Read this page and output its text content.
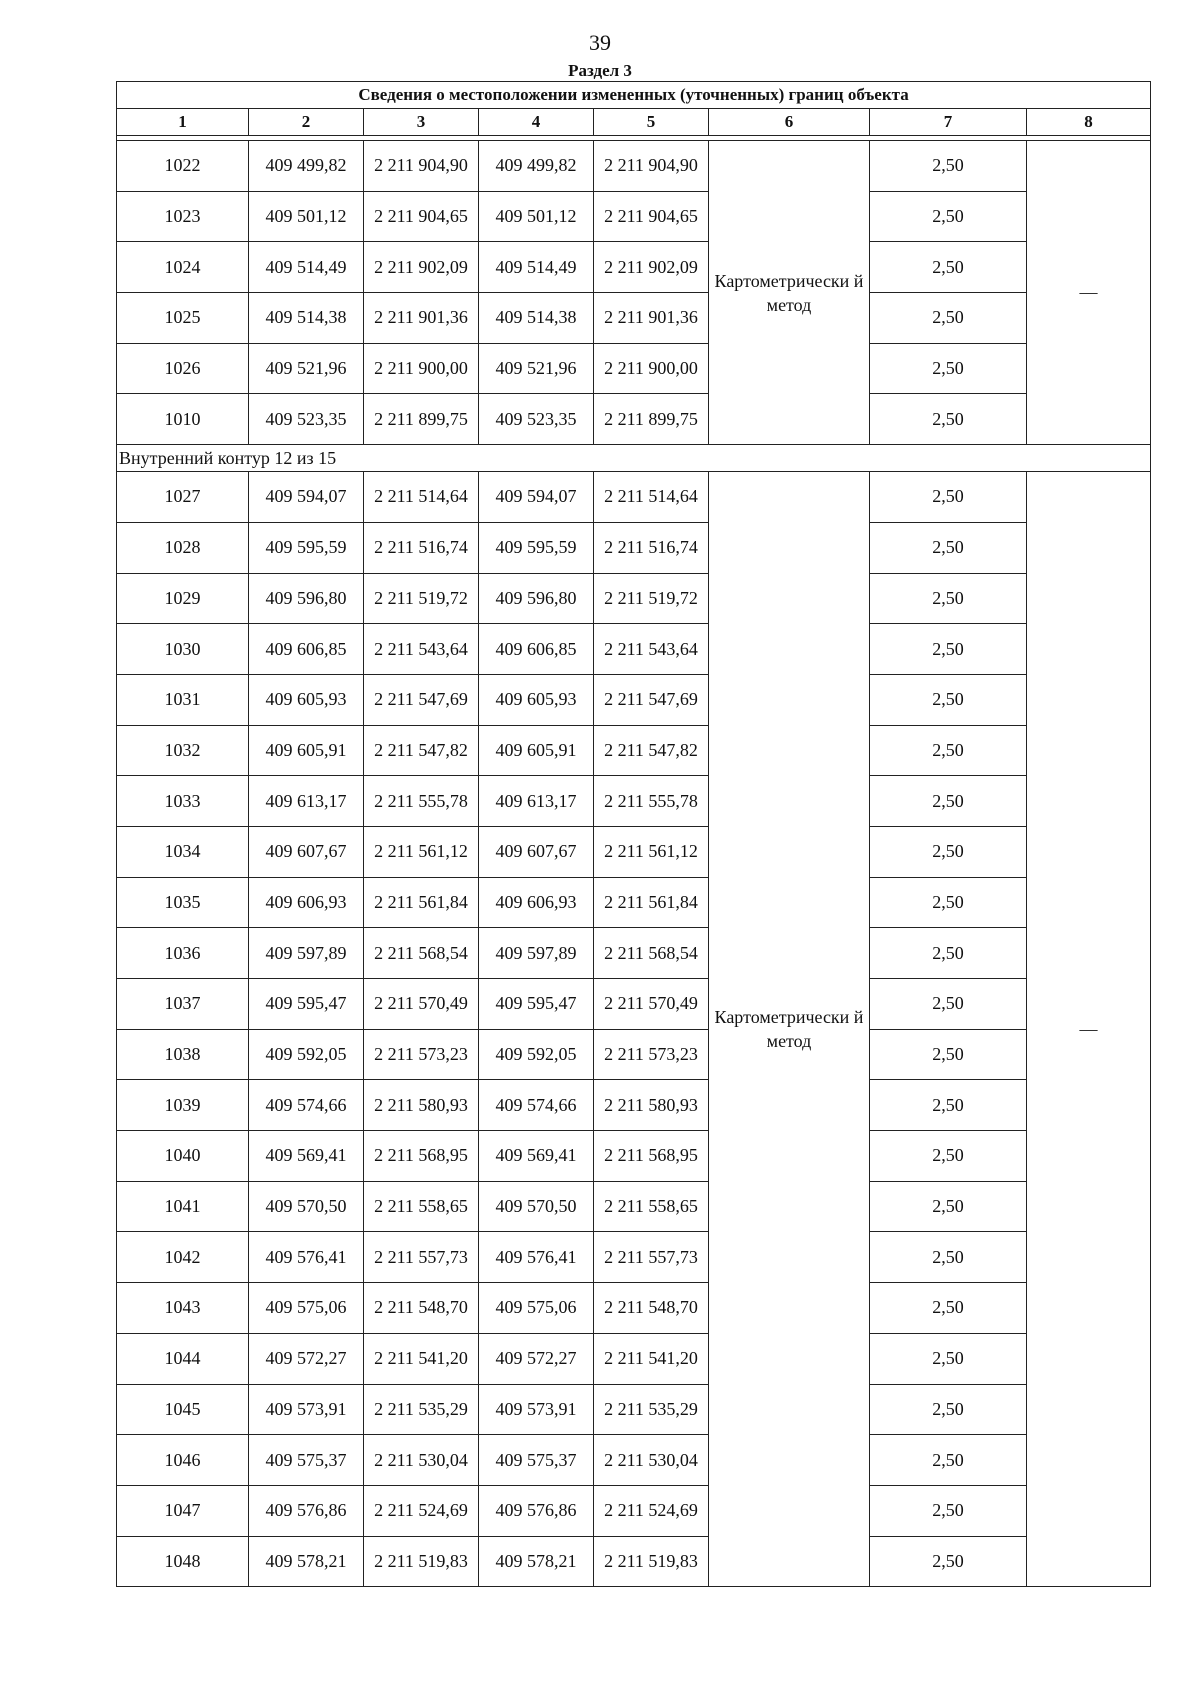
39
Раздел 3
Сведения о местоположении измененных (уточненных) границ объекта							
1	2	3	4	5	6	7	8

1022	409 499,82	2 211 904,90	409 499,82	2 211 904,90	Картометрически й метод	2,50	—
1023	409 501,12	2 211 904,65	409 501,12	2 211 904,65		2,50	
1024	409 514,49	2 211 902,09	409 514,49	2 211 902,09		2,50	
1025	409 514,38	2 211 901,36	409 514,38	2 211 901,36		2,50	
1026	409 521,96	2 211 900,00	409 521,96	2 211 900,00		2,50	
1010	409 523,35	2 211 899,75	409 523,35	2 211 899,75		2,50	
Внутренний контур 12 из 15							
1027	409 594,07	2 211 514,64	409 594,07	2 211 514,64	Картометрически й метод	2,50	—
1028	409 595,59	2 211 516,74	409 595,59	2 211 516,74		2,50	
1029	409 596,80	2 211 519,72	409 596,80	2 211 519,72		2,50	
1030	409 606,85	2 211 543,64	409 606,85	2 211 543,64		2,50	
1031	409 605,93	2 211 547,69	409 605,93	2 211 547,69		2,50	
1032	409 605,91	2 211 547,82	409 605,91	2 211 547,82		2,50	
1033	409 613,17	2 211 555,78	409 613,17	2 211 555,78		2,50	
1034	409 607,67	2 211 561,12	409 607,67	2 211 561,12		2,50	
1035	409 606,93	2 211 561,84	409 606,93	2 211 561,84		2,50	
1036	409 597,89	2 211 568,54	409 597,89	2 211 568,54		2,50	
1037	409 595,47	2 211 570,49	409 595,47	2 211 570,49		2,50	
1038	409 592,05	2 211 573,23	409 592,05	2 211 573,23		2,50	
1039	409 574,66	2 211 580,93	409 574,66	2 211 580,93		2,50	
1040	409 569,41	2 211 568,95	409 569,41	2 211 568,95		2,50	
1041	409 570,50	2 211 558,65	409 570,50	2 211 558,65		2,50	
1042	409 576,41	2 211 557,73	409 576,41	2 211 557,73		2,50	
1043	409 575,06	2 211 548,70	409 575,06	2 211 548,70		2,50	
1044	409 572,27	2 211 541,20	409 572,27	2 211 541,20		2,50	
1045	409 573,91	2 211 535,29	409 573,91	2 211 535,29		2,50	
1046	409 575,37	2 211 530,04	409 575,37	2 211 530,04		2,50	
1047	409 576,86	2 211 524,69	409 576,86	2 211 524,69		2,50	
1048	409 578,21	2 211 519,83	409 578,21	2 211 519,83		2,50	
